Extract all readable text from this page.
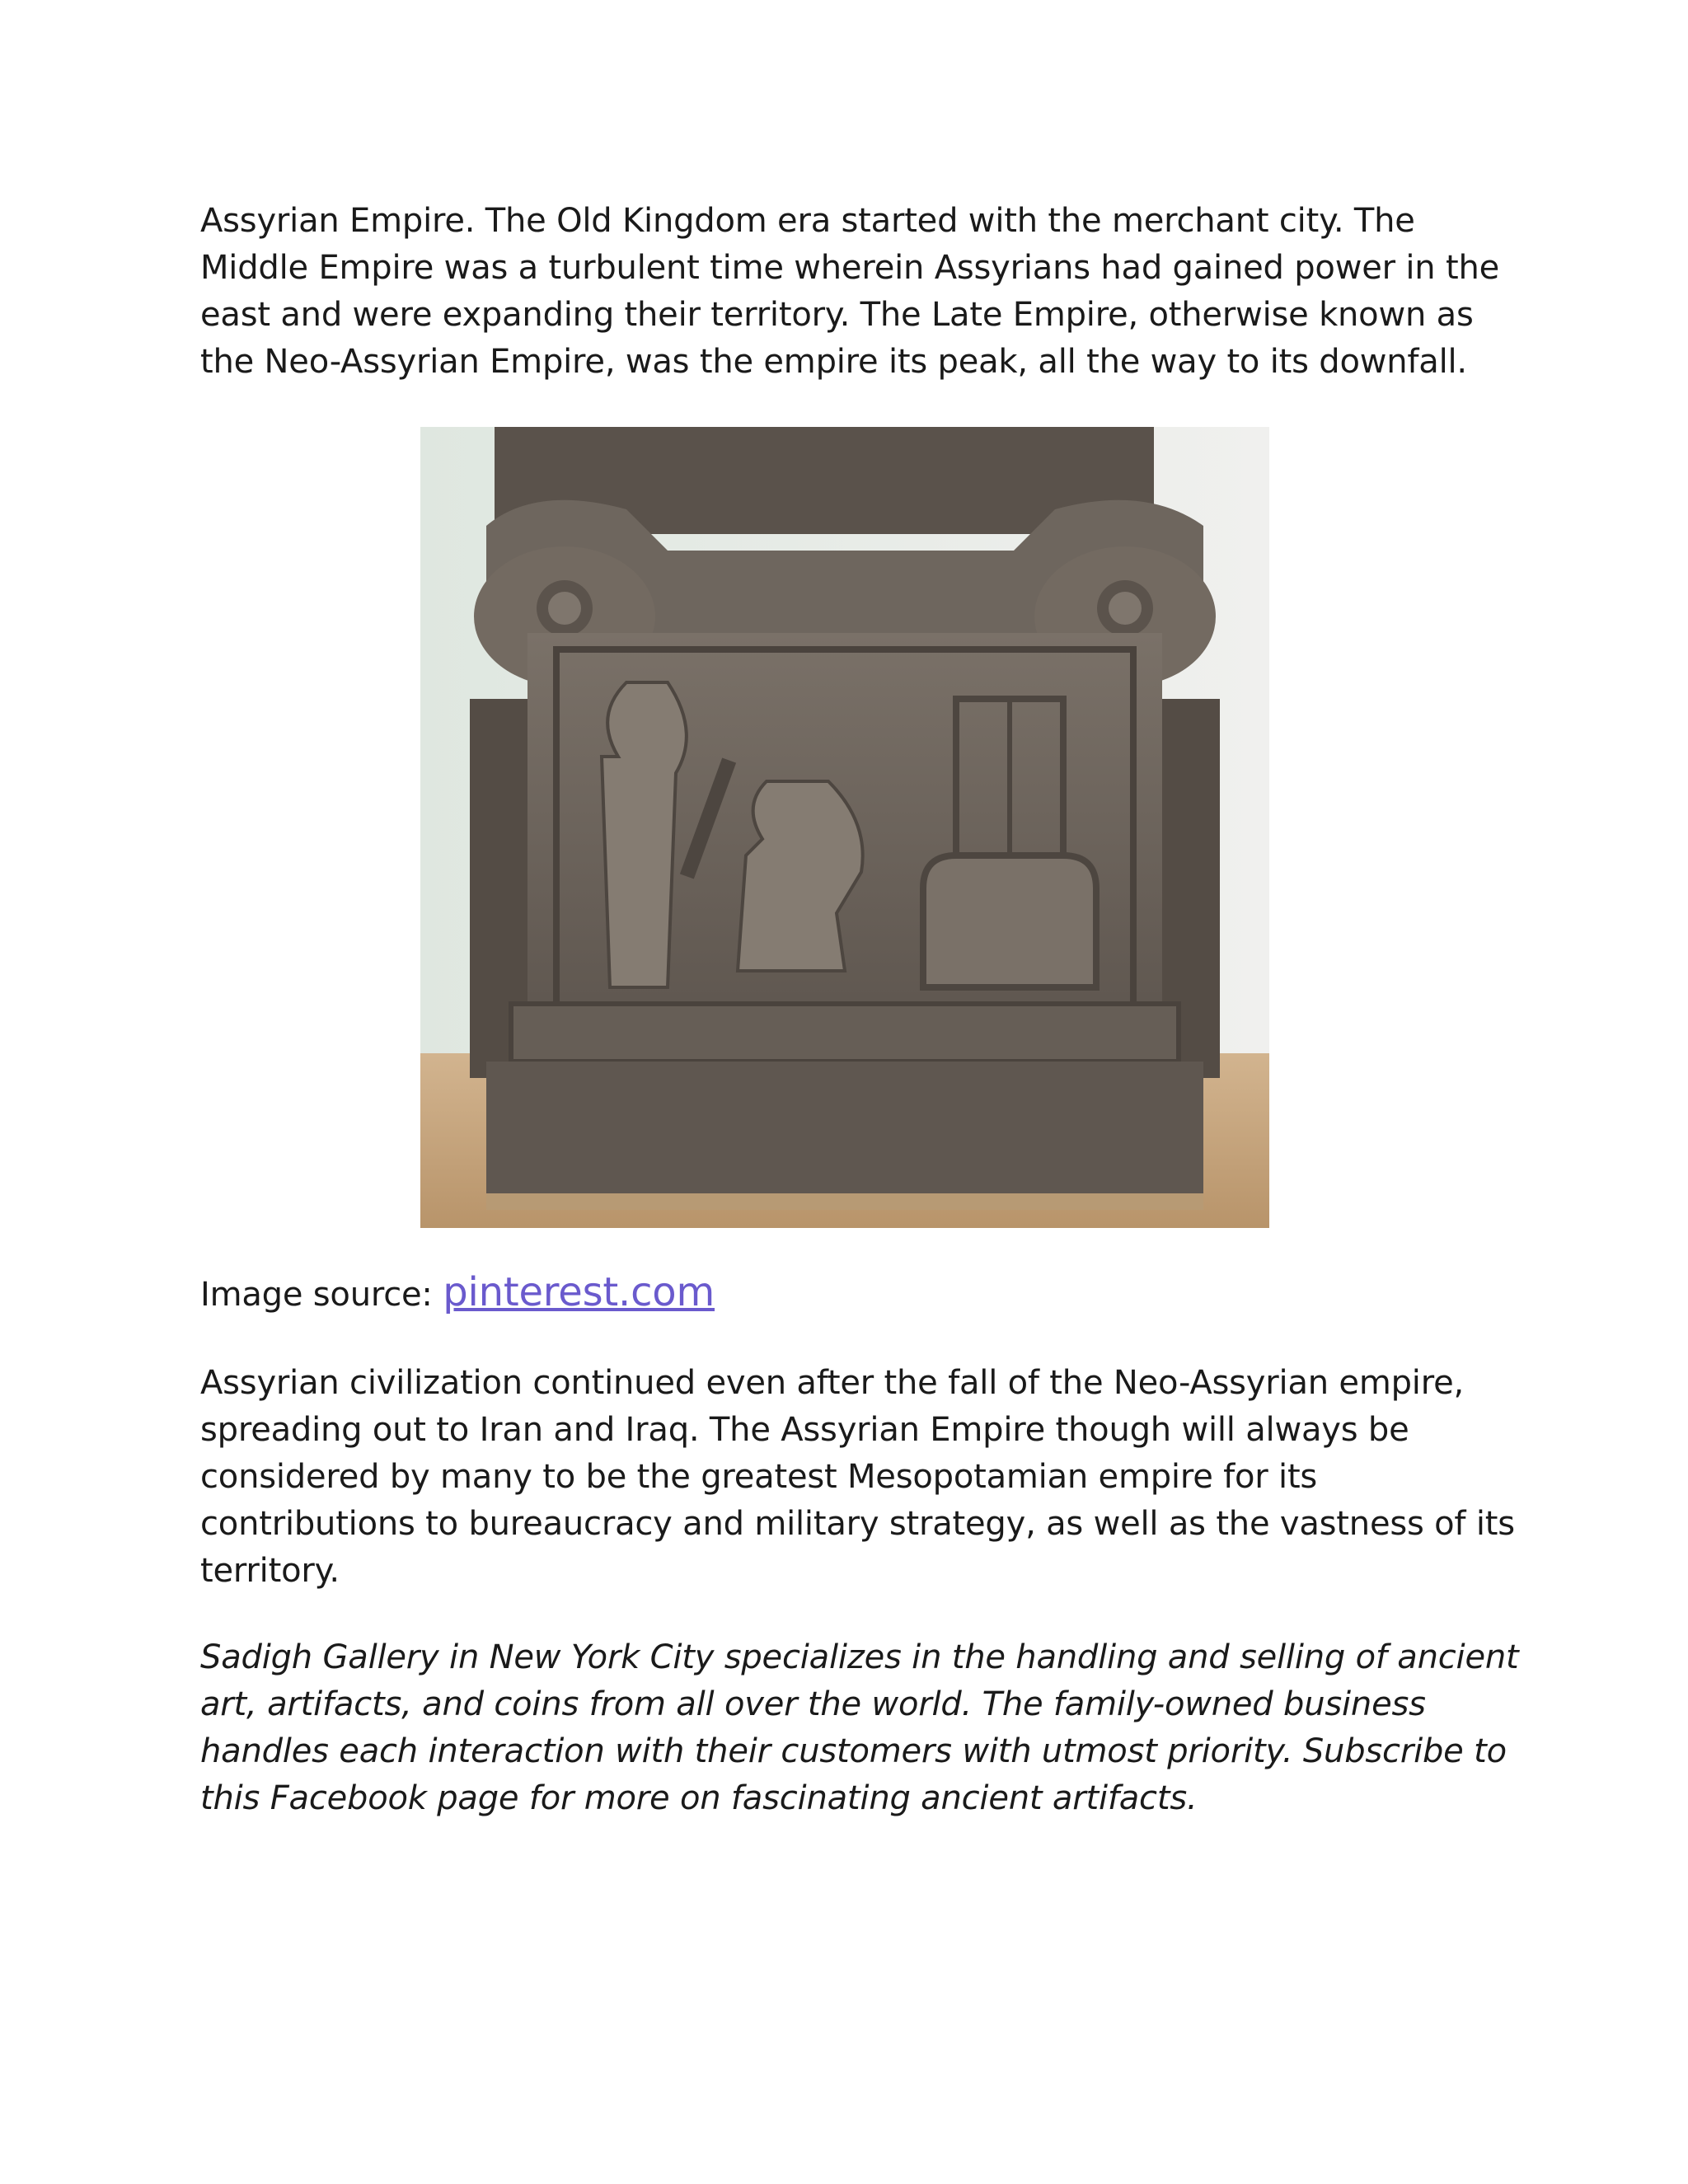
Assyrian Empire. The Old Kingdom era started with the merchant city. The
Middle Empire was a turbulent time wherein Assyrians had gained power in the
east and were expanding their territory. The Late Empire, otherwise known as
the Neo-Assyrian Empire, was the empire its peak, all the way to its downfall.

Image source: pinterest.com

Assyrian civilization continued even after the fall of the Neo-Assyrian empire,
spreading out to Iran and Iraq. The Assyrian Empire though will always be
considered by many to be the greatest Mesopotamian empire for its
contributions to bureaucracy and military strategy, as well as the vastness of its
territory.

Sadigh Gallery in New York City specializes in the handling and selling of ancient
art, artifacts, and coins from all over the world. The family-owned business
handles each interaction with their customers with utmost priority. Subscribe to
this Facebook page for more on fascinating ancient artifacts.
